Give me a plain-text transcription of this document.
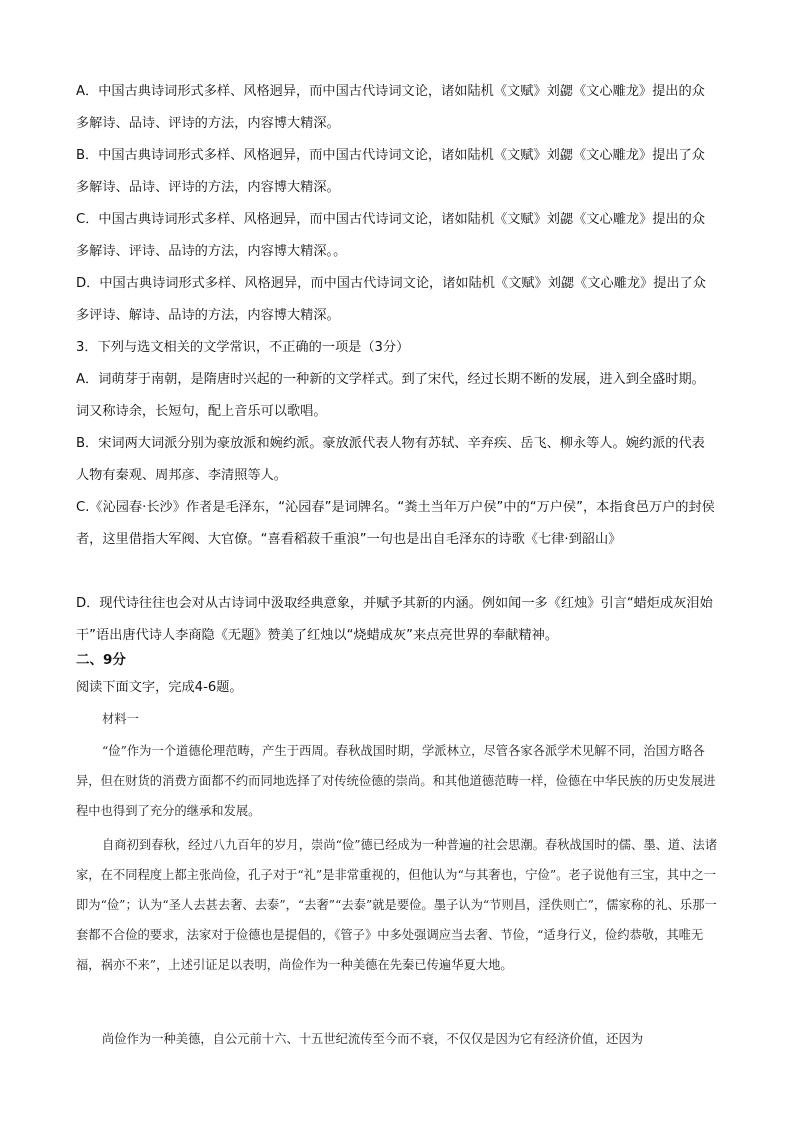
A．中国古典诗词形式多样、风格迥异，而中国古代诗词文论，诸如陆机《文赋》刘勰《文心雕龙》提出的众多解诗、品诗、评诗的方法，内容博大精深。

B．中国古典诗词形式多样、风格迥异，而中国古代诗词文论，诸如陆机《文赋》刘勰《文心雕龙》提出了众多解诗、品诗、评诗的方法，内容博大精深。

C．中国古典诗词形式多样、风格迥异，而中国古代诗词文论，诸如陆机《文赋》刘勰《文心雕龙》提出的众多解诗、评诗、品诗的方法，内容博大精深。。

D．中国古典诗词形式多样、风格迥异，而中国古代诗词文论，诸如陆机《文赋》刘勰《文心雕龙》提出了众多评诗、解诗、品诗的方法，内容博大精深。

3．下列与选文相关的文学常识，不正确的一项是（3分）

A．词萌芽于南朝，是隋唐时兴起的一种新的文学样式。到了宋代，经过长期不断的发展，进入到全盛时期。词又称诗余，长短句，配上音乐可以歌唱。

B．宋词两大词派分别为豪放派和婉约派。豪放派代表人物有苏轼、辛弃疾、岳飞、柳永等人。婉约派的代表人物有秦观、周邦彦、李清照等人。

C.《沁园春·长沙》作者是毛泽东，“沁园春”是词牌名。“粪土当年万户侯”中的“万户侯”，本指食邑万户的封侯者，这里借指大军阀、大官僚。“喜看稻菽千重浪”一句也是出自毛泽东的诗歌《七律·到韶山》

D．现代诗往往也会对从古诗词中汲取经典意象，并赋予其新的内涵。例如闻一多《红烛》引言“蜡炬成灰泪始干”语出唐代诗人李商隐《无题》赞美了红烛以“烧蜡成灰”来点亮世界的奉献精神。

二、9分

阅读下面文字，完成4-6题。

材料一

“俭”作为一个道德伦理范畴，产生于西周。春秋战国时期，学派林立，尽管各家各派学术见解不同，治国方略各异，但在财货的消费方面都不约而同地选择了对传统俭德的崇尚。和其他道德范畴一样，俭德在中华民族的历史发展进程中也得到了充分的继承和发展。

自商初到春秋，经过八九百年的岁月，崇尚“俭”德已经成为一种普遍的社会思潮。春秋战国时的儒、墨、道、法诸家，在不同程度上都主张尚俭，孔子对于“礼”是非常重视的，但他认为“与其奢也，宁俭”。老子说他有三宝，其中之一即为“俭”；认为“圣人去甚去奢、去泰”，“去奢”“去泰”就是要俭。墨子认为“节则昌，淫佚则亡”，儒家称的礼、乐那一套都不合俭的要求，法家对于俭德也是提倡的，《管子》中多处强调应当去奢、节俭，“适身行义，俭约恭敬，其唯无福，祸亦不来”，上述引证足以表明，尚俭作为一种美德在先秦已传遍华夏大地。

尚俭作为一种美德，自公元前十六、十五世纪流传至今而不衰，不仅仅是因为它有经济价值，还因为
